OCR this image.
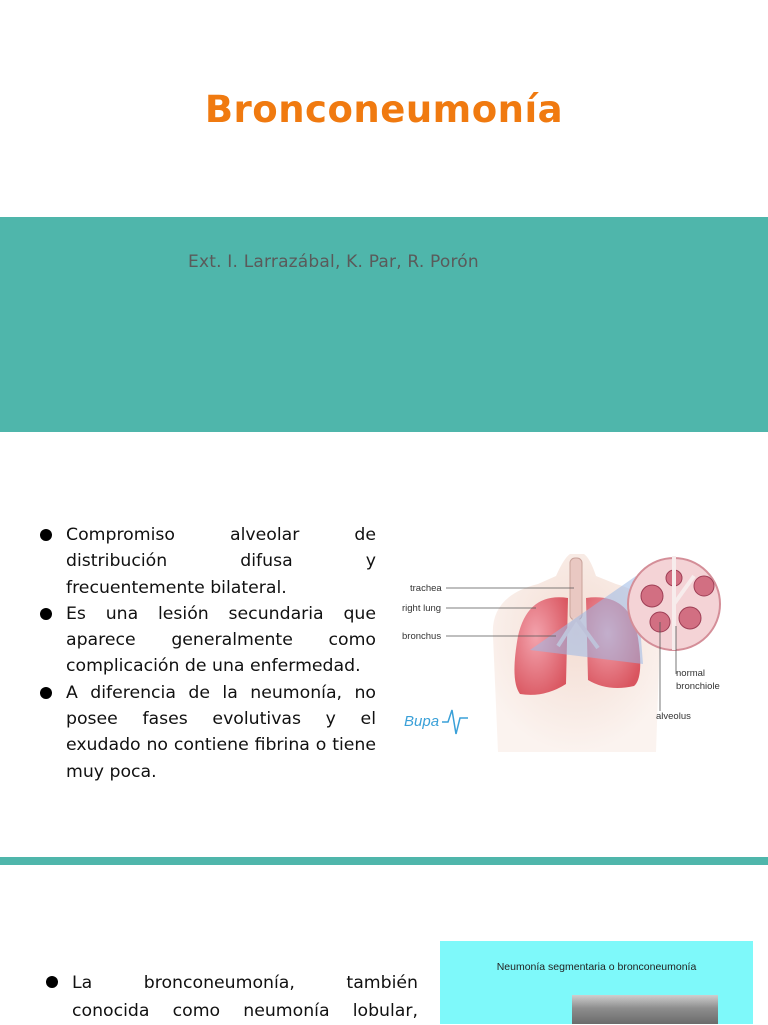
Bronconeumonía
Ext. I. Larrazábal, K. Par, R. Porón
Compromiso alveolar de distribución difusa y frecuentemente bilateral.
Es una lesión secundaria que aparece generalmente como complicación de una enfermedad.
A diferencia de la neumonía, no posee fases evolutivas y el exudado no contiene fibrina o tiene muy poca.
trachea
right lung
bronchus
normal
bronchiole
alveolus
Bupa
La bronconeumonía, también
conocida como neumonía lobular,
Neumonía segmentaria o bronconeumonía
